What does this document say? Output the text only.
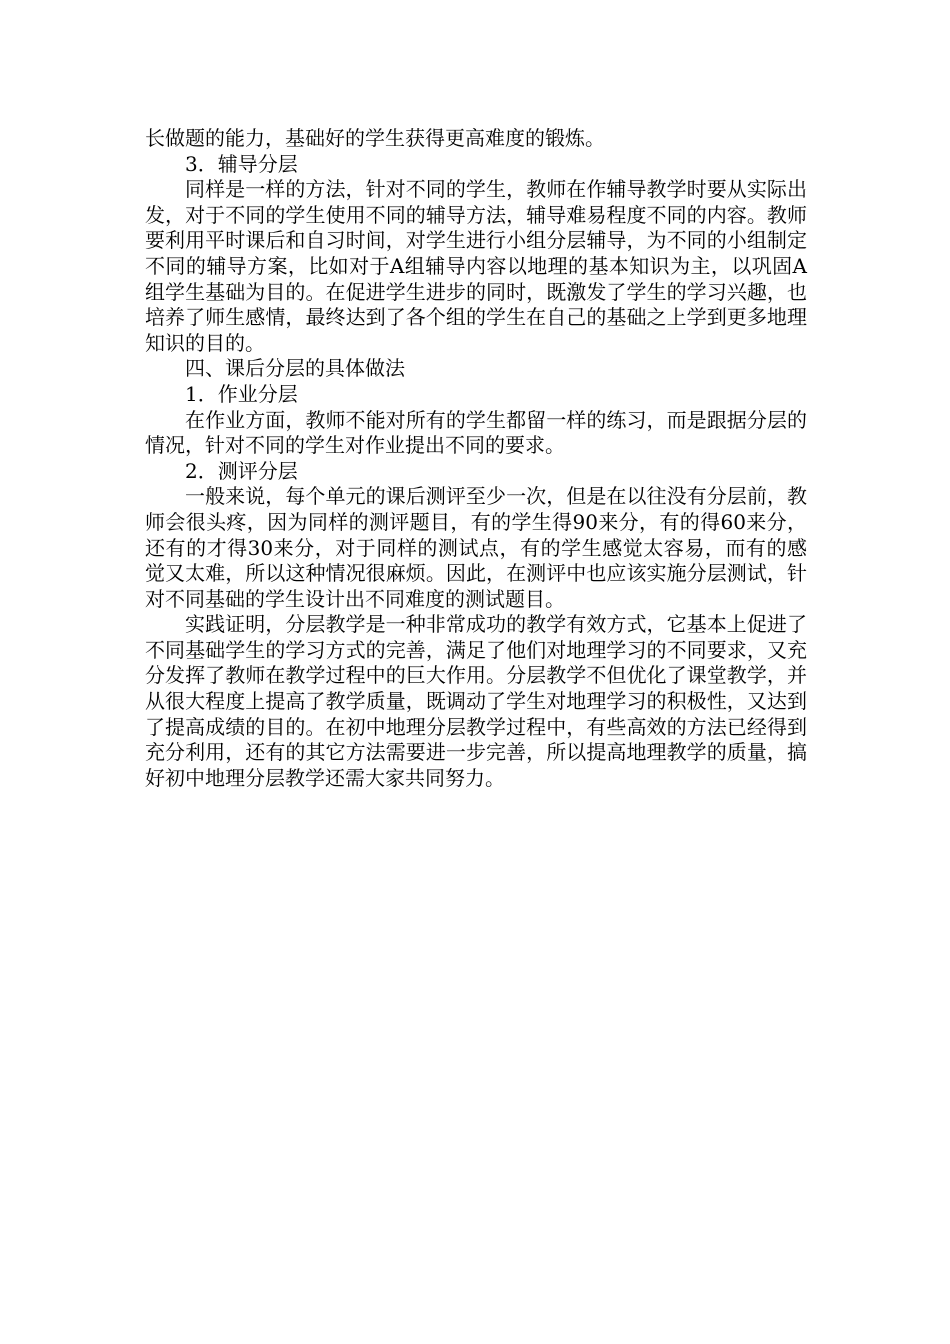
长做题的能力，基础好的学生获得更高难度的锻炼。

3．辅导分层

同样是一样的方法，针对不同的学生，教师在作辅导教学时要从实际出发，对于不同的学生使用不同的辅导方法，辅导难易程度不同的内容。教师要利用平时课后和自习时间，对学生进行小组分层辅导，为不同的小组制定不同的辅导方案，比如对于A组辅导内容以地理的基本知识为主，以巩固A组学生基础为目的。在促进学生进步的同时，既激发了学生的学习兴趣，也培养了师生感情，最终达到了各个组的学生在自己的基础之上学到更多地理知识的目的。

四、课后分层的具体做法

1．作业分层

在作业方面，教师不能对所有的学生都留一样的练习，而是跟据分层的情况，针对不同的学生对作业提出不同的要求。

2．测评分层

一般来说，每个单元的课后测评至少一次，但是在以往没有分层前，教师会很头疼，因为同样的测评题目，有的学生得90来分，有的得60来分，还有的才得30来分，对于同样的测试点，有的学生感觉太容易，而有的感觉又太难，所以这种情况很麻烦。因此，在测评中也应该实施分层测试，针对不同基础的学生设计出不同难度的测试题目。

实践证明，分层教学是一种非常成功的教学有效方式，它基本上促进了不同基础学生的学习方式的完善，满足了他们对地理学习的不同要求，又充分发挥了教师在教学过程中的巨大作用。分层教学不但优化了课堂教学，并从很大程度上提高了教学质量，既调动了学生对地理学习的积极性，又达到了提高成绩的目的。在初中地理分层教学过程中，有些高效的方法已经得到充分利用，还有的其它方法需要进一步完善，所以提高地理教学的质量，搞好初中地理分层教学还需大家共同努力。
